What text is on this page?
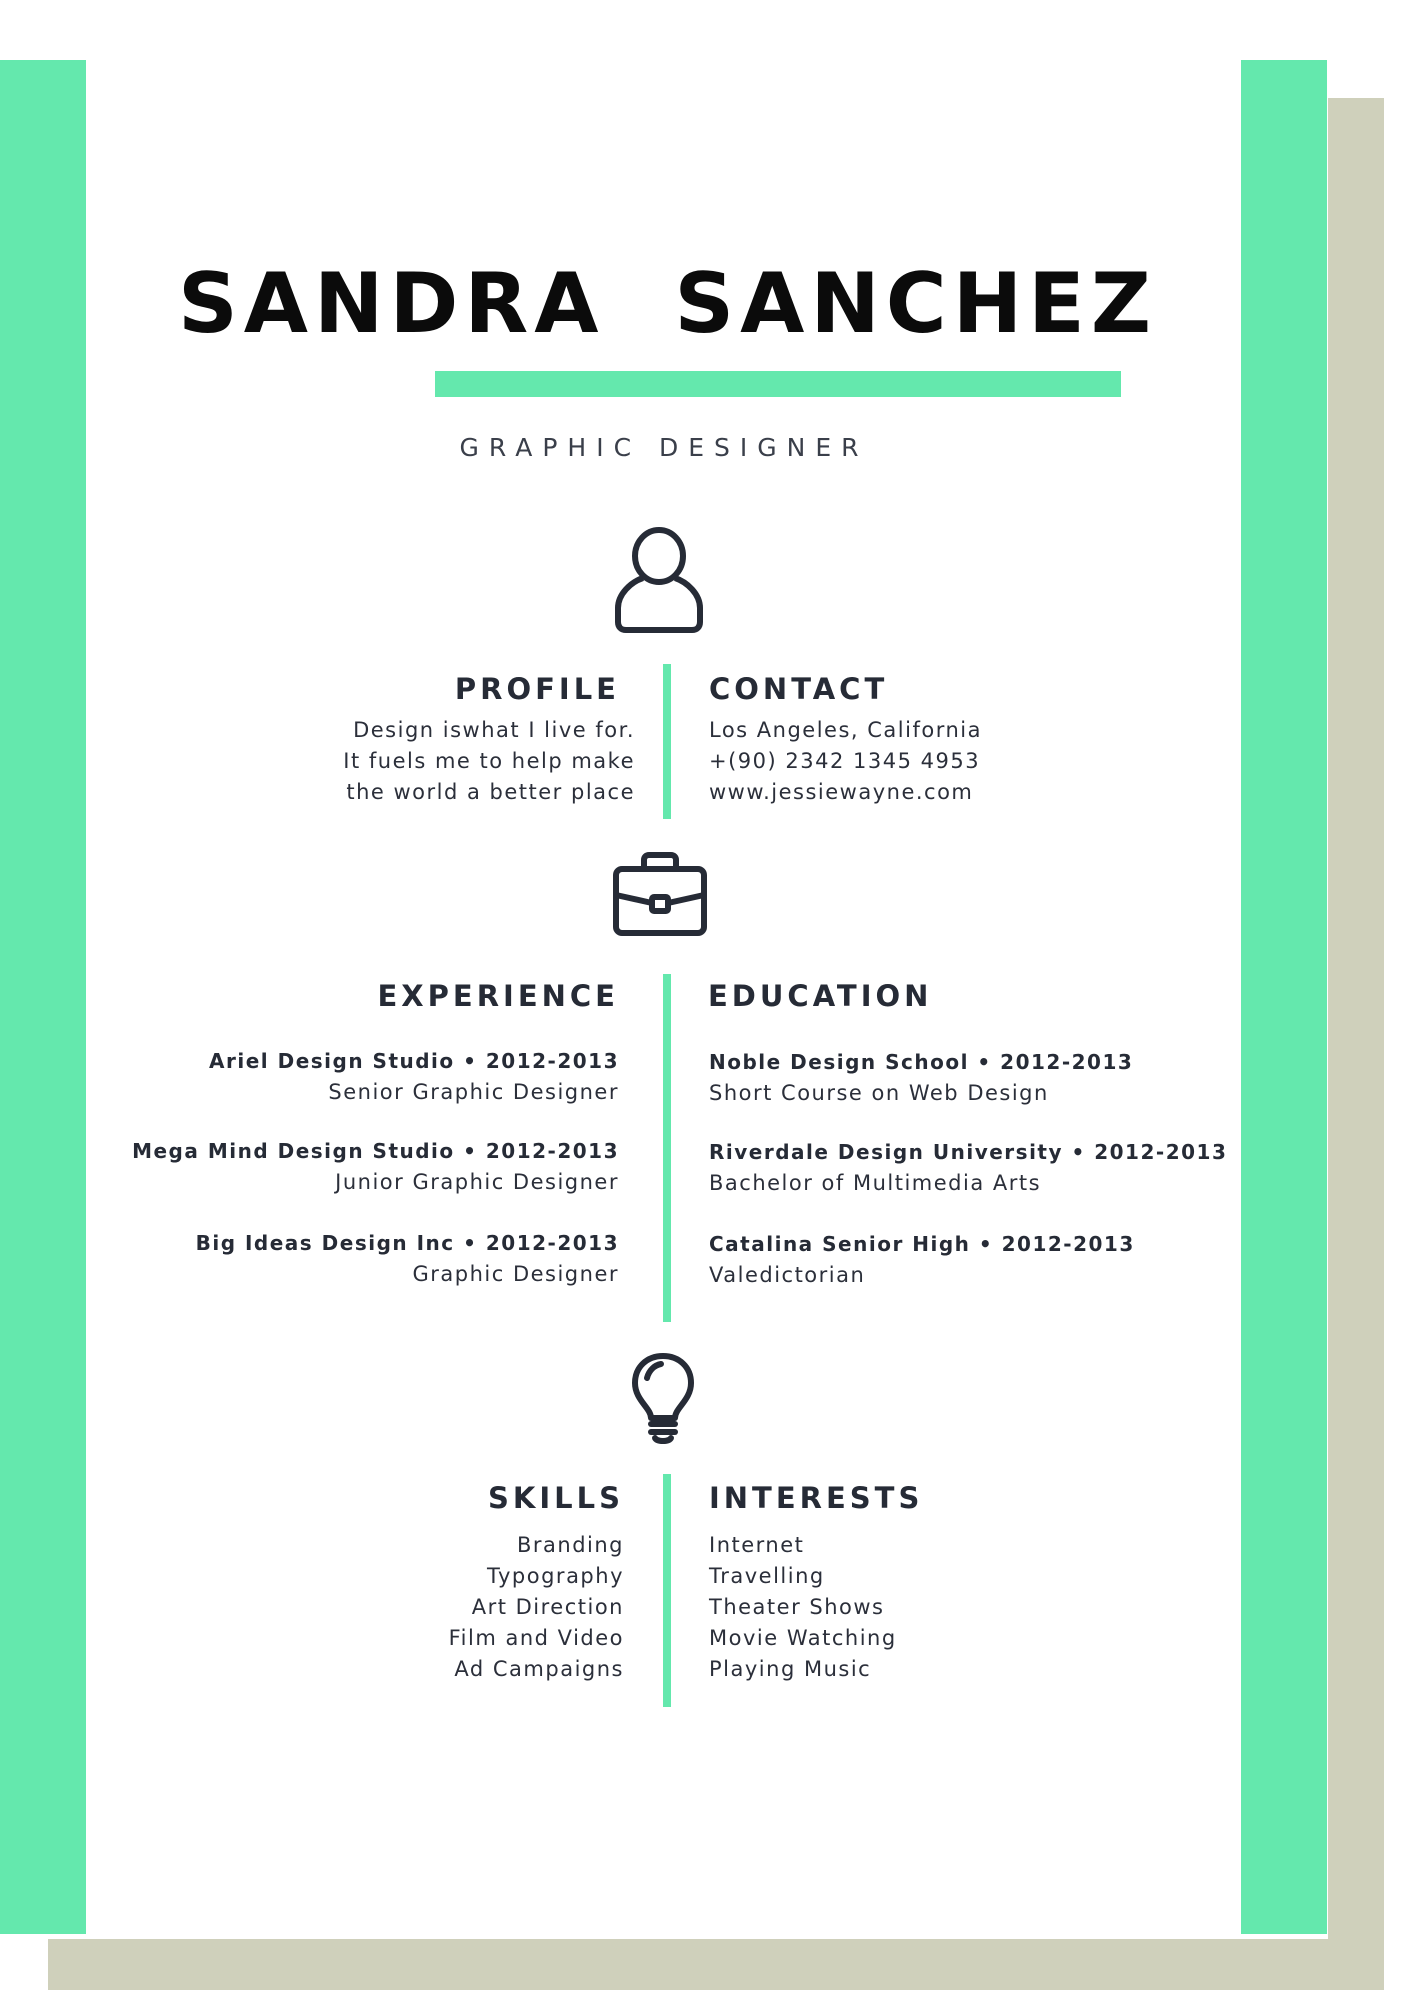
SANDRA  SANCHEZ
GRAPHIC DESIGNER
PROFILE
Design iswhat I live for.
It fuels me to help make
the world a better place
CONTACT
Los Angeles, California
+(90) 2342 1345 4953
www.jessiewayne.com
EXPERIENCE	EDUCATION
Ariel Design Studio • 2012-2013
Senior Graphic Designer
Mega Mind Design Studio • 2012-2013
Junior Graphic Designer
Big Ideas Design Inc • 2012-2013
Graphic Designer
Noble Design School • 2012-2013
Short Course on Web Design
Riverdale Design University • 2012-2013
Bachelor of Multimedia Arts
Catalina Senior High • 2012-2013
Valedictorian
SKILLS	INTERESTS
Branding
Typography
Art Direction
Film and Video
Ad Campaigns
Internet
Travelling
Theater Shows
Movie Watching
Playing Music
